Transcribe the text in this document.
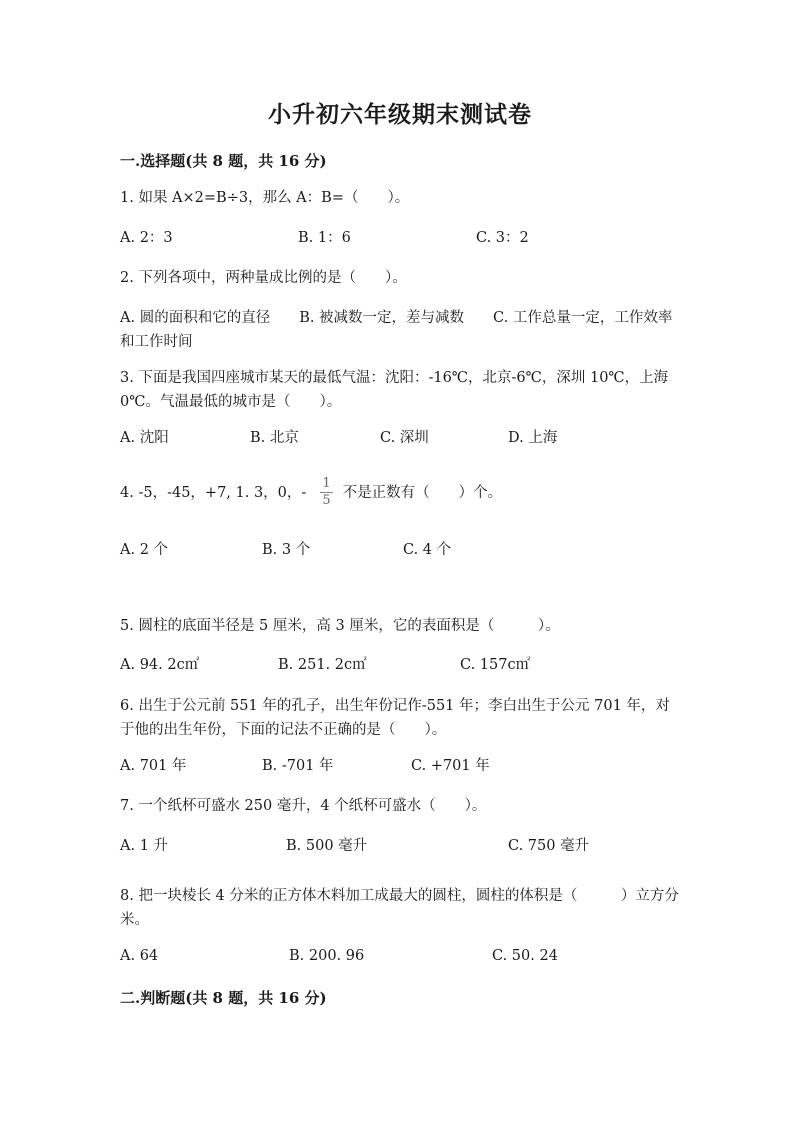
小升初六年级期末测试卷
一.选择题(共 8 题，共 16 分)
1. 如果 A×2=B÷3，那么 A：B=（　　）。
A. 2：3	B. 1：6	C. 3：2
2. 下列各项中，两种量成比例的是（　　）。
A. 圆的面积和它的直径　　B. 被减数一定，差与减数　　C. 工作总量一定，工作效率和工作时间
3. 下面是我国四座城市某天的最低气温：沈阳：-16℃，北京-6℃，深圳 10℃，上海 0℃。气温最低的城市是（　　）。
A. 沈阳	B. 北京	C. 深圳	D. 上海
4. -5，-45，+7, 1. 3，0，- $\frac{1}{5}$ 不是正数有（　　）个。
A. 2 个	B. 3 个	C. 4 个
5. 圆柱的底面半径是 5 厘米，高 3 厘米，它的表面积是（　　　）。
A. 94. 2c㎡	B. 251. 2c㎡	C. 157c㎡
6. 出生于公元前 551 年的孔子，出生年份记作-551 年；李白出生于公元 701 年，对于他的出生年份，下面的记法不正确的是（　　）。
A. 701 年	B. -701 年	C. +701 年
7. 一个纸杯可盛水 250 毫升，4 个纸杯可盛水（　　）。
A. 1 升	B. 500 毫升	C. 750 毫升
8. 把一块棱长 4 分米的正方体木料加工成最大的圆柱，圆柱的体积是（　　　）立方分米。
A. 64	B. 200. 96	C. 50. 24
二.判断题(共 8 题，共 16 分)
